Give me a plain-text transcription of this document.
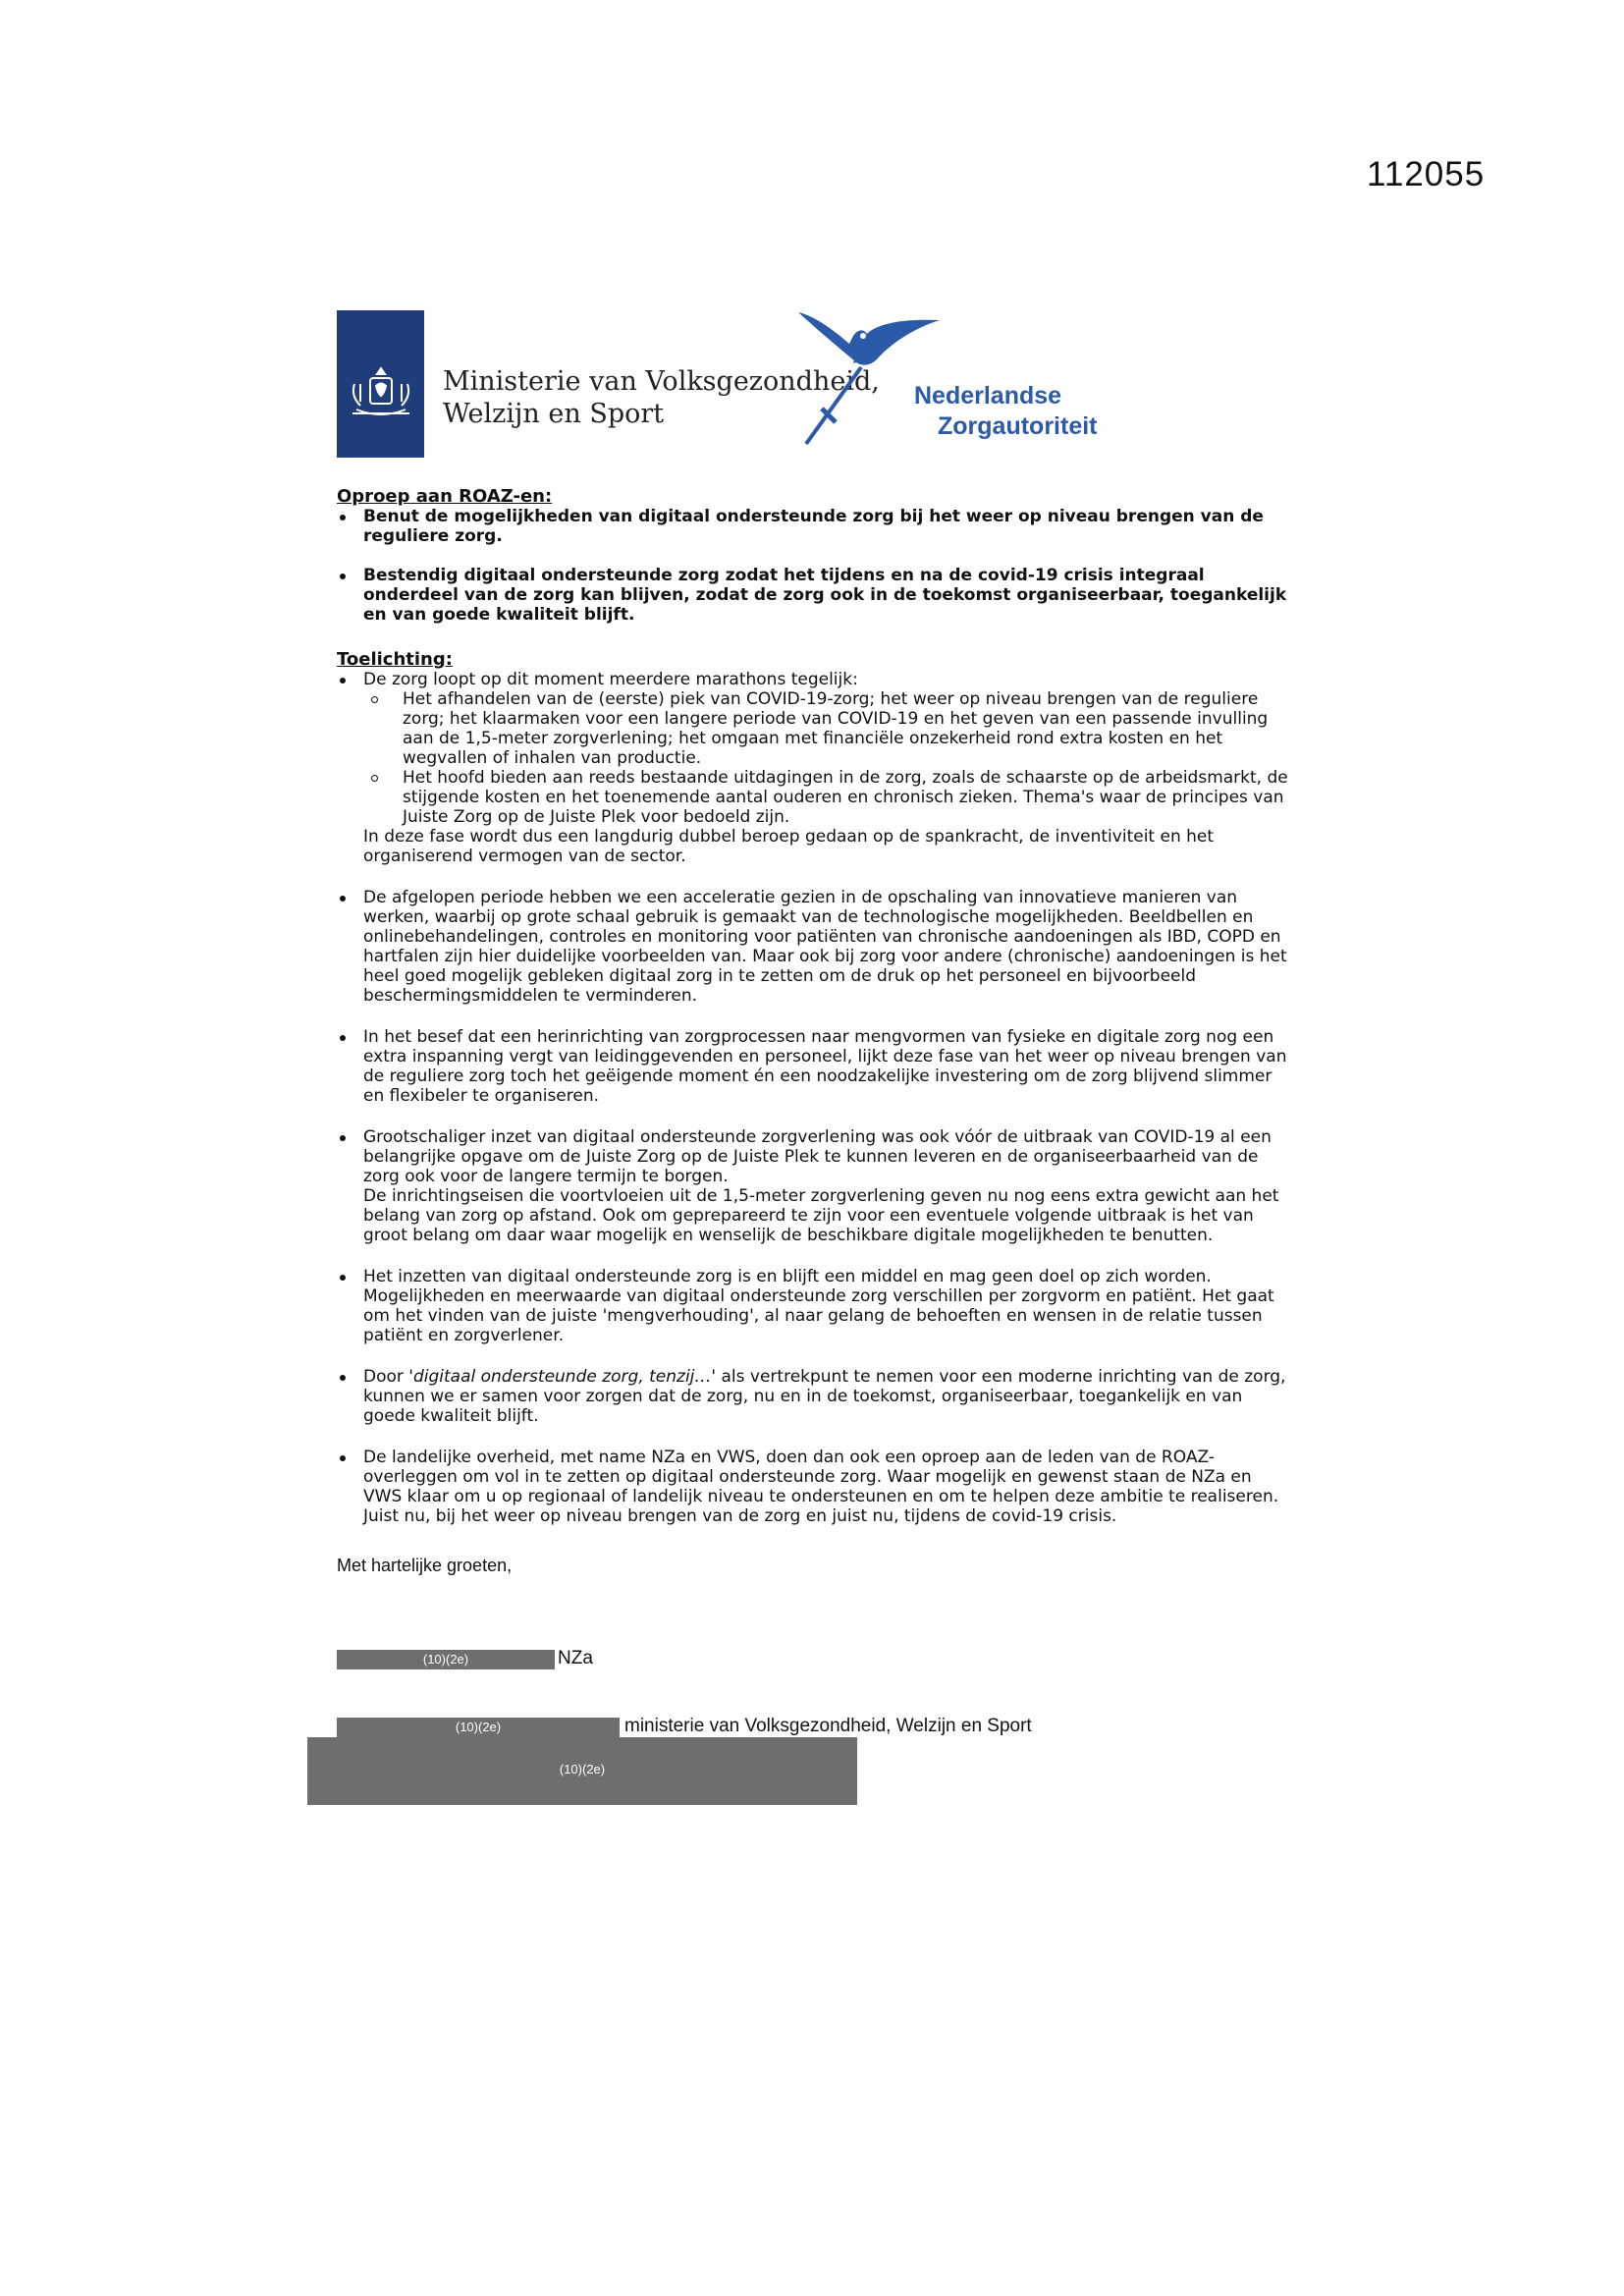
112055
Ministerie van Volksgezondheid,
Welzijn en Sport
Nederlandse
Zorgautoriteit

Oproep aan ROAZ-en:

Benut de mogelijkheden van digitaal ondersteunde zorg bij het weer op niveau brengen van de reguliere zorg.
Bestendig digitaal ondersteunde zorg zodat het tijdens en na de covid-19 crisis integraal onderdeel van de zorg kan blijven, zodat de zorg ook in de toekomst organiseerbaar, toegankelijk en van goede kwaliteit blijft.

Toelichting:

De zorg loopt op dit moment meerdere marathons tegelijk:
Het afhandelen van de (eerste) piek van COVID-19-zorg; het weer op niveau brengen van de reguliere zorg; het klaarmaken voor een langere periode van COVID-19 en het geven van een passende invulling aan de 1,5-meter zorgverlening; het omgaan met financiële onzekerheid rond extra kosten en het wegvallen of inhalen van productie.
Het hoofd bieden aan reeds bestaande uitdagingen in de zorg, zoals de schaarste op de arbeidsmarkt, de stijgende kosten en het toenemende aantal ouderen en chronisch zieken. Thema's waar de principes van Juiste Zorg op de Juiste Plek voor bedoeld zijn.
In deze fase wordt dus een langdurig dubbel beroep gedaan op de spankracht, de inventiviteit en het organiserend vermogen van de sector.
De afgelopen periode hebben we een acceleratie gezien in de opschaling van innovatieve manieren van werken, waarbij op grote schaal gebruik is gemaakt van de technologische mogelijkheden. Beeldbellen en onlinebehandelingen, controles en monitoring voor patiënten van chronische aandoeningen als IBD, COPD en hartfalen zijn hier duidelijke voorbeelden van. Maar ook bij zorg voor andere (chronische) aandoeningen is het heel goed mogelijk gebleken digitaal zorg in te zetten om de druk op het personeel en bijvoorbeeld beschermingsmiddelen te verminderen.
In het besef dat een herinrichting van zorgprocessen naar mengvormen van fysieke en digitale zorg nog een extra inspanning vergt van leidinggevenden en personeel, lijkt deze fase van het weer op niveau brengen van de reguliere zorg toch het geëigende moment én een noodzakelijke investering om de zorg blijvend slimmer en flexibeler te organiseren.
Grootschaliger inzet van digitaal ondersteunde zorgverlening was ook vóór de uitbraak van COVID-19 al een belangrijke opgave om de Juiste Zorg op de Juiste Plek te kunnen leveren en de organiseerbaarheid van de zorg ook voor de langere termijn te borgen.
De inrichtingseisen die voortvloeien uit de 1,5-meter zorgverlening geven nu nog eens extra gewicht aan het belang van zorg op afstand. Ook om geprepareerd te zijn voor een eventuele volgende uitbraak is het van groot belang om daar waar mogelijk en wenselijk de beschikbare digitale mogelijkheden te benutten.
Het inzetten van digitaal ondersteunde zorg is en blijft een middel en mag geen doel op zich worden. Mogelijkheden en meerwaarde van digitaal ondersteunde zorg verschillen per zorgvorm en patiënt. Het gaat om het vinden van de juiste 'mengverhouding', al naar gelang de behoeften en wensen in de relatie tussen patiënt en zorgverlener.
Door 'digitaal ondersteunde zorg, tenzij…' als vertrekpunt te nemen voor een moderne inrichting van de zorg, kunnen we er samen voor zorgen dat de zorg, nu en in de toekomst, organiseerbaar, toegankelijk en van goede kwaliteit blijft.
De landelijke overheid, met name NZa en VWS, doen dan ook een oproep aan de leden van de ROAZ-overleggen om vol in te zetten op digitaal ondersteunde zorg. Waar mogelijk en gewenst staan de NZa en VWS klaar om u op regionaal of landelijk niveau te ondersteunen en om te helpen deze ambitie te realiseren. Juist nu, bij het weer op niveau brengen van de zorg en juist nu, tijdens de covid-19 crisis.
Met hartelijke groeten,
(10)(2e)	NZa
(10)(2e)	ministerie van Volksgezondheid, Welzijn en Sport
(10)(2e)
